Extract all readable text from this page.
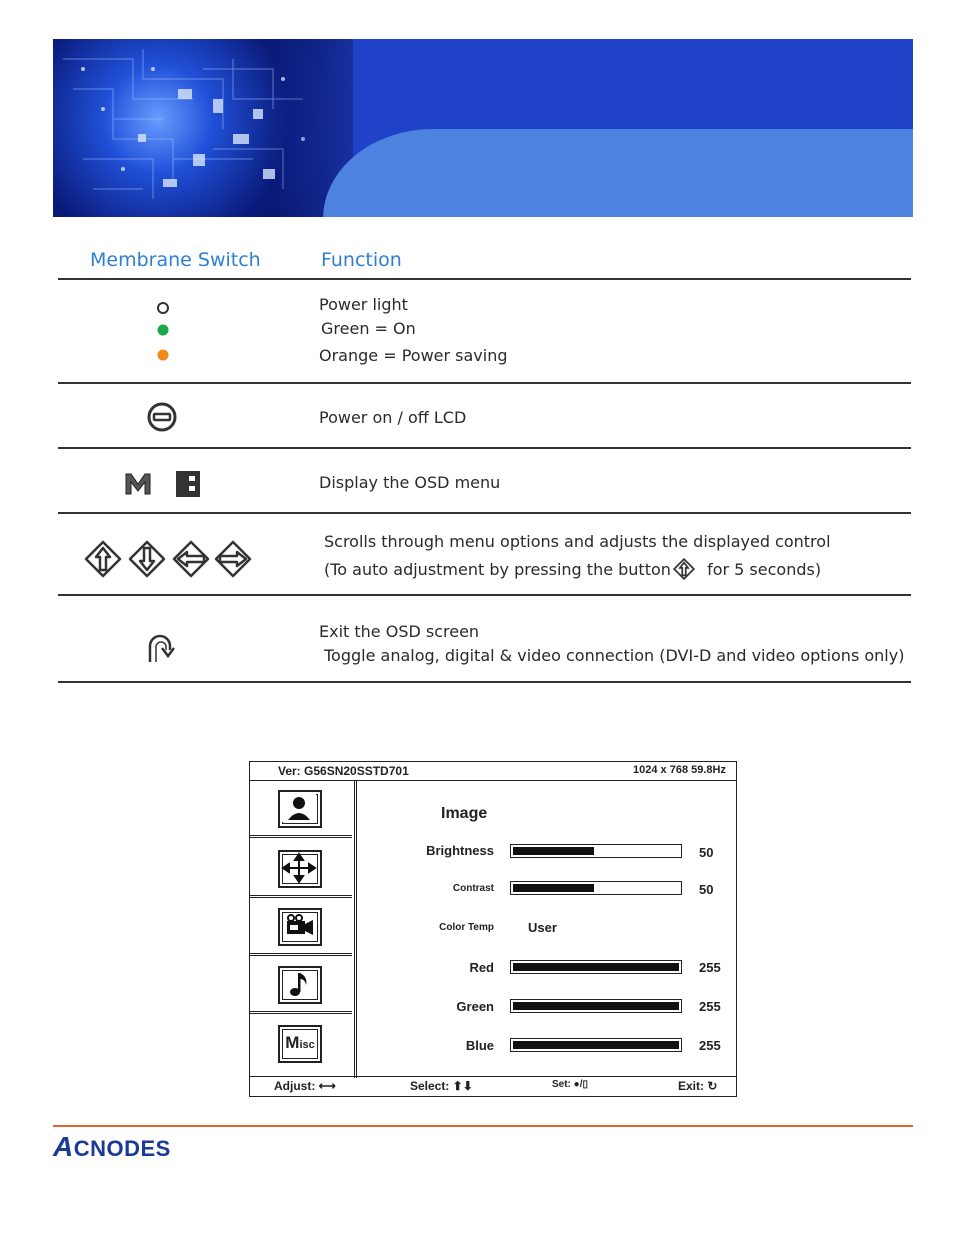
Membrane Switch	Function
Power light
Green = On
Orange = Power saving
Power on / off LCD
Display the OSD menu
Scrolls through menu options and adjusts the displayed control
(To auto adjustment by pressing the button for 5 seconds)
Exit the OSD screen
Toggle analog, digital & video connection (DVI-D and video options only)
Ver: G56SN20SSTD701	1024 x 768 59.8Hz
Misc
Image
Brightness	50
Contrast	50
Color Temp	User
Red	255
Green	255
Blue	255
Adjust: ⟷	Select: ⬆⬇	Set: ●/▯	Exit: ↻
ACNODES
